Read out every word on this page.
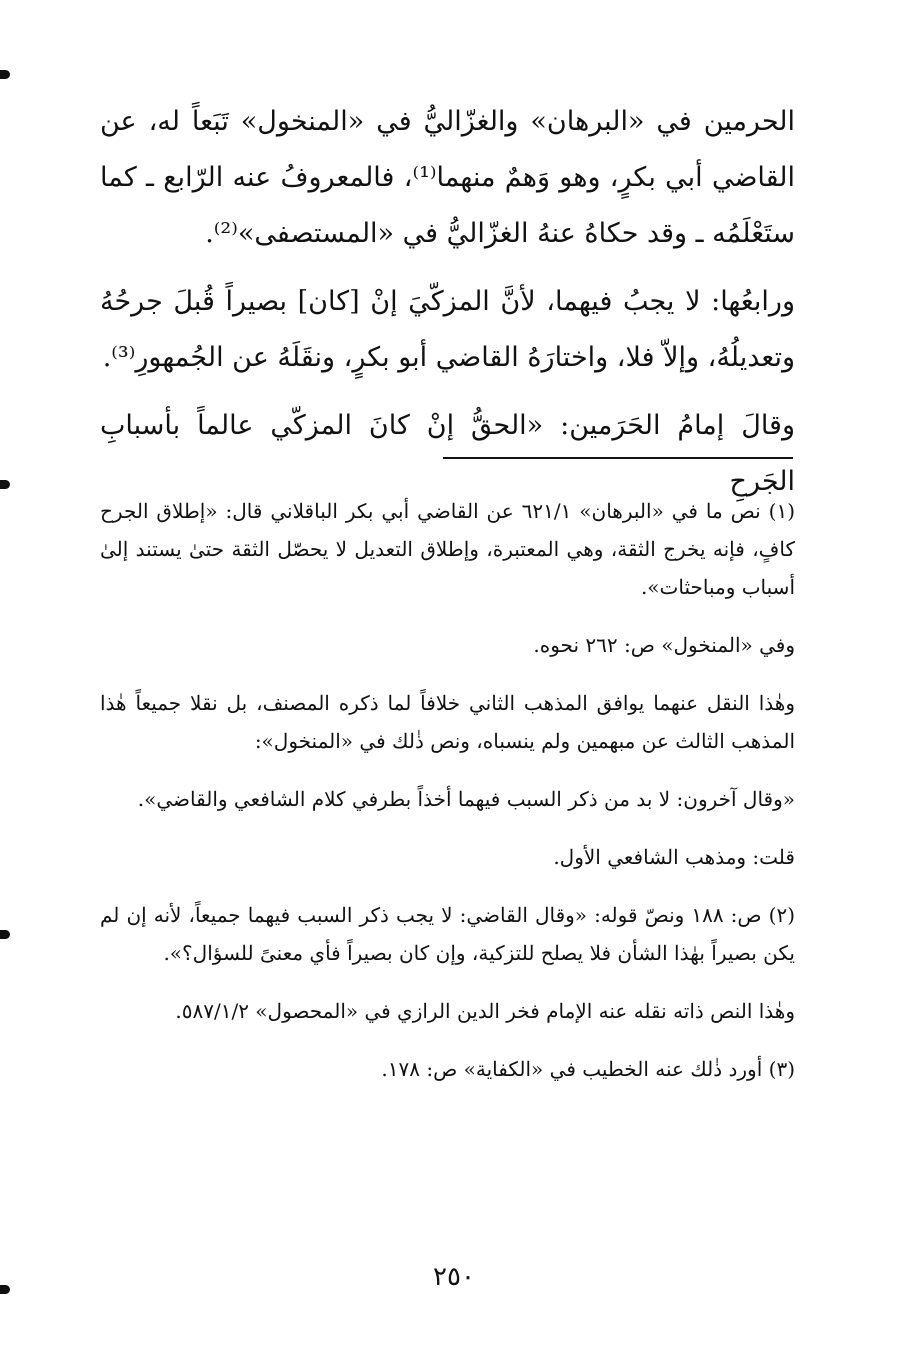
الحرمين في «البرهان» والغزّاليُّ في «المنخول» تَبَعاً له، عن القاضي أبي بكرٍ، وهو وَهمٌ منهما⁽¹⁾، فالمعروفُ عنه الرّابع ـ كما ستَعْلَمُه ـ وقد حكاهُ عنهُ الغزّاليُّ في «المستصفى»⁽²⁾.

ورابعُها: لا يجبُ فيهما، لأنَّ المزكّيَ إنْ [كان] بصيراً قُبلَ جرحُهُ وتعديلُهُ، وإلاّ فلا، واختارَهُ القاضي أبو بكرٍ، ونقَلَهُ عن الجُمهورِ⁽³⁾.

وقالَ إمامُ الحَرَمين: «الحقُّ إنْ كانَ المزكّي عالماً بأسبابِ الجَرحِ

(١) نص ما في «البرهان» ٦٢١/١ عن القاضي أبي بكر الباقلاني قال: «إطلاق الجرح كافٍ، فإنه يخرج الثقة، وهي المعتبرة، وإطلاق التعديل لا يحصّل الثقة حتىٰ يستند إلىٰ أسباب ومباحثات».

وفي «المنخول» ص: ٢٦٢ نحوه.

وهٰذا النقل عنهما يوافق المذهب الثاني خلافاً لما ذكره المصنف، بل نقلا جميعاً هٰذا المذهب الثالث عن مبهمين ولم ينسباه، ونص ذٰلك في «المنخول»:

«وقال آخرون: لا بد من ذكر السبب فيهما أخذاً بطرفي كلام الشافعي والقاضي».

قلت: ومذهب الشافعي الأول.

(٢) ص: ١٨٨ ونصّ قوله: «وقال القاضي: لا يجب ذكر السبب فيهما جميعاً، لأنه إن لم يكن بصيراً بهٰذا الشأن فلا يصلح للتزكية، وإن كان بصيراً فأي معنىً للسؤال؟».

وهٰذا النص ذاته نقله عنه الإمام فخر الدين الرازي في «المحصول» ٥٨٧/١/٢.

(٣) أورد ذٰلك عنه الخطيب في «الكفاية» ص: ١٧٨.

٢٥٠
